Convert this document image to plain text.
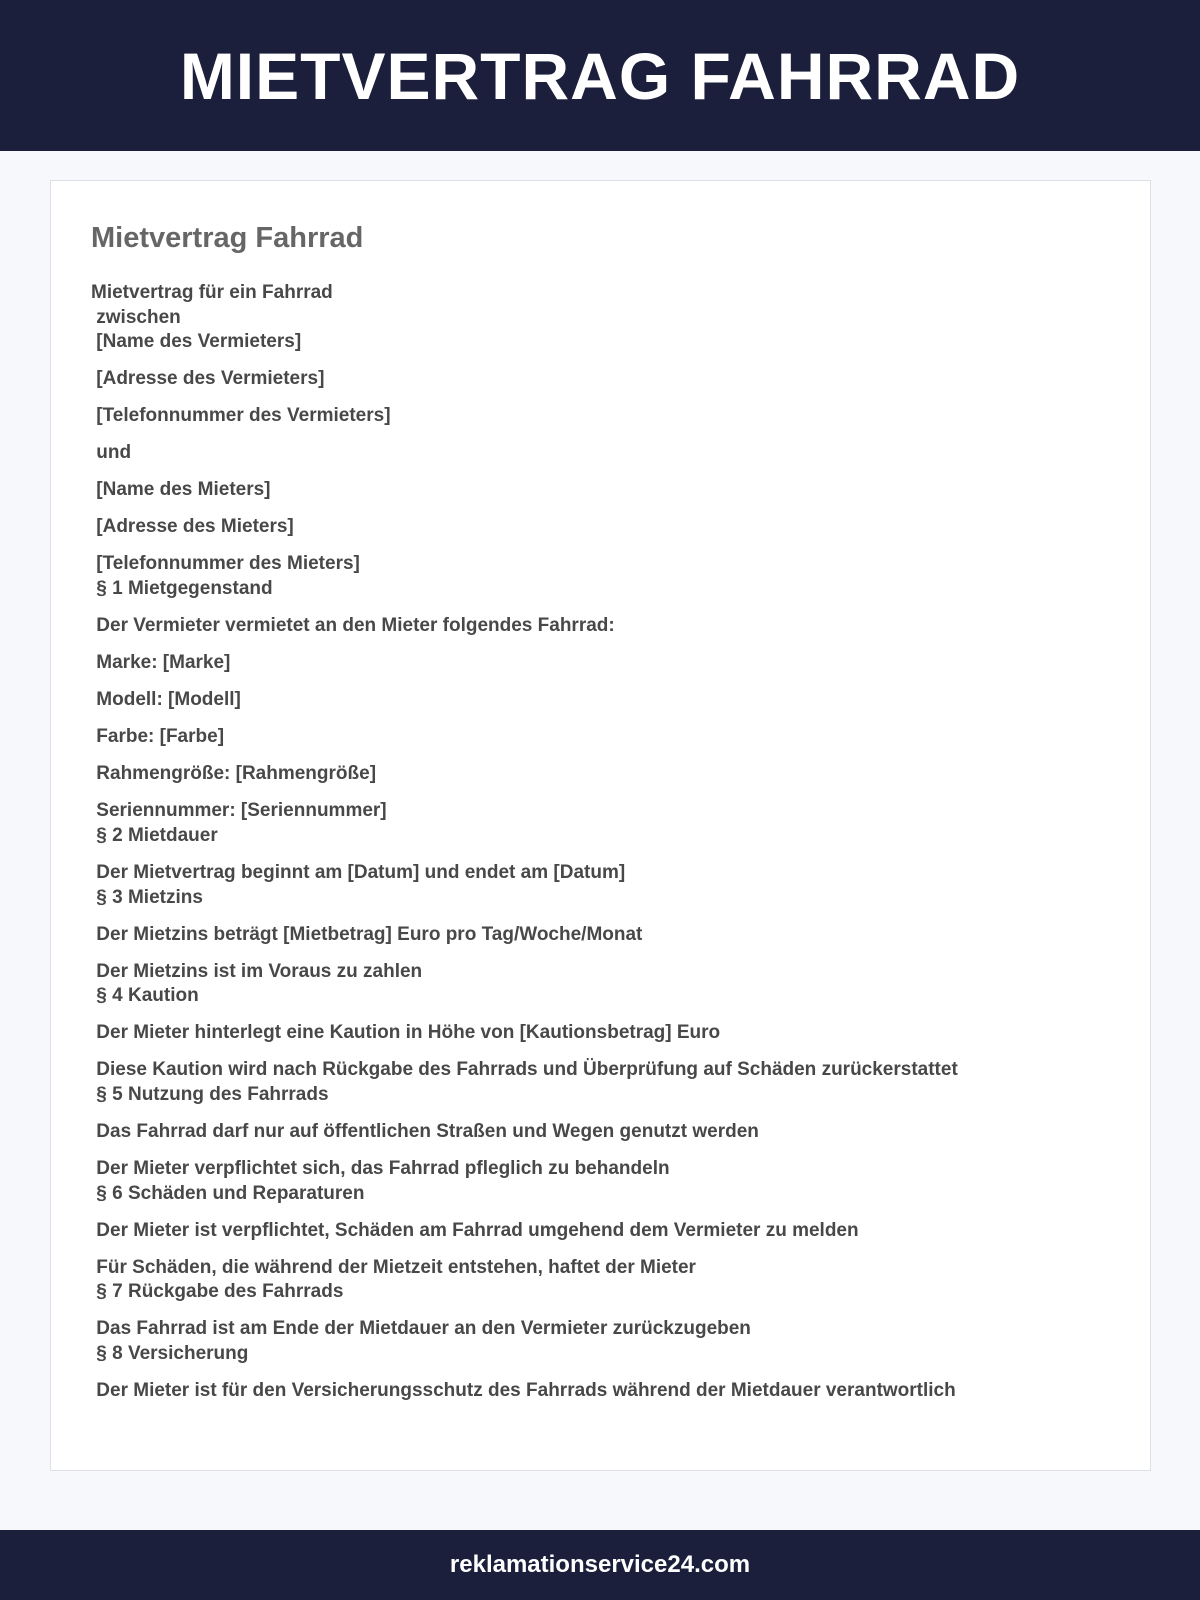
MIETVERTRAG FAHRRAD
Mietvertrag Fahrrad
Mietvertrag für ein Fahrrad
zwischen
[Name des Vermieters]
[Adresse des Vermieters]
[Telefonnummer des Vermieters]
und
[Name des Mieters]
[Adresse des Mieters]
[Telefonnummer des Mieters]
§ 1 Mietgegenstand
Der Vermieter vermietet an den Mieter folgendes Fahrrad:
Marke: [Marke]
Modell: [Modell]
Farbe: [Farbe]
Rahmengröße: [Rahmengröße]
Seriennummer: [Seriennummer]
§ 2 Mietdauer
Der Mietvertrag beginnt am [Datum] und endet am [Datum]
§ 3 Mietzins
Der Mietzins beträgt [Mietbetrag] Euro pro Tag/Woche/Monat
Der Mietzins ist im Voraus zu zahlen
§ 4 Kaution
Der Mieter hinterlegt eine Kaution in Höhe von [Kautionsbetrag] Euro
Diese Kaution wird nach Rückgabe des Fahrrads und Überprüfung auf Schäden zurückerstattet
§ 5 Nutzung des Fahrrads
Das Fahrrad darf nur auf öffentlichen Straßen und Wegen genutzt werden
Der Mieter verpflichtet sich, das Fahrrad pfleglich zu behandeln
§ 6 Schäden und Reparaturen
Der Mieter ist verpflichtet, Schäden am Fahrrad umgehend dem Vermieter zu melden
Für Schäden, die während der Mietzeit entstehen, haftet der Mieter
§ 7 Rückgabe des Fahrrads
Das Fahrrad ist am Ende der Mietdauer an den Vermieter zurückzugeben
§ 8 Versicherung
Der Mieter ist für den Versicherungsschutz des Fahrrads während der Mietdauer verantwortlich
reklamationservice24.com
